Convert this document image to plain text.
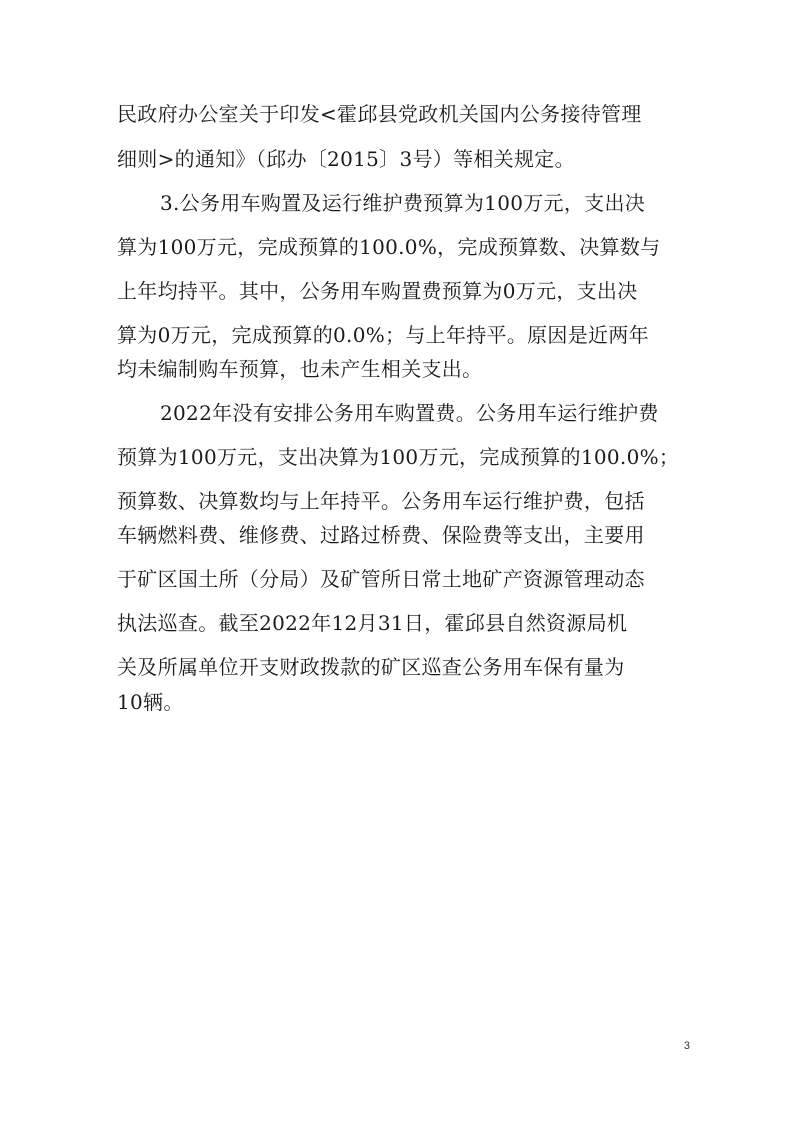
民政府办公室关于印发<霍邱县党政机关国内公务接待管理
细则>的通知》（邱办〔2015〕3号）等相关规定。
3.公务用车购置及运行维护费预算为100万元，支出决
算为100万元，完成预算的100.0%，完成预算数、决算数与
上年均持平。其中，公务用车购置费预算为0万元，支出决
算为0万元，完成预算的0.0%；与上年持平。原因是近两年
均未编制购车预算，也未产生相关支出。
2022年没有安排公务用车购置费。公务用车运行维护费
预算为100万元，支出决算为100万元，完成预算的100.0%；
预算数、决算数均与上年持平。公务用车运行维护费，包括
车辆燃料费、维修费、过路过桥费、保险费等支出，主要用
于矿区国土所（分局）及矿管所日常土地矿产资源管理动态
执法巡查。截至2022年12月31日，霍邱县自然资源局机
关及所属单位开支财政拨款的矿区巡查公务用车保有量为
10辆。
3
